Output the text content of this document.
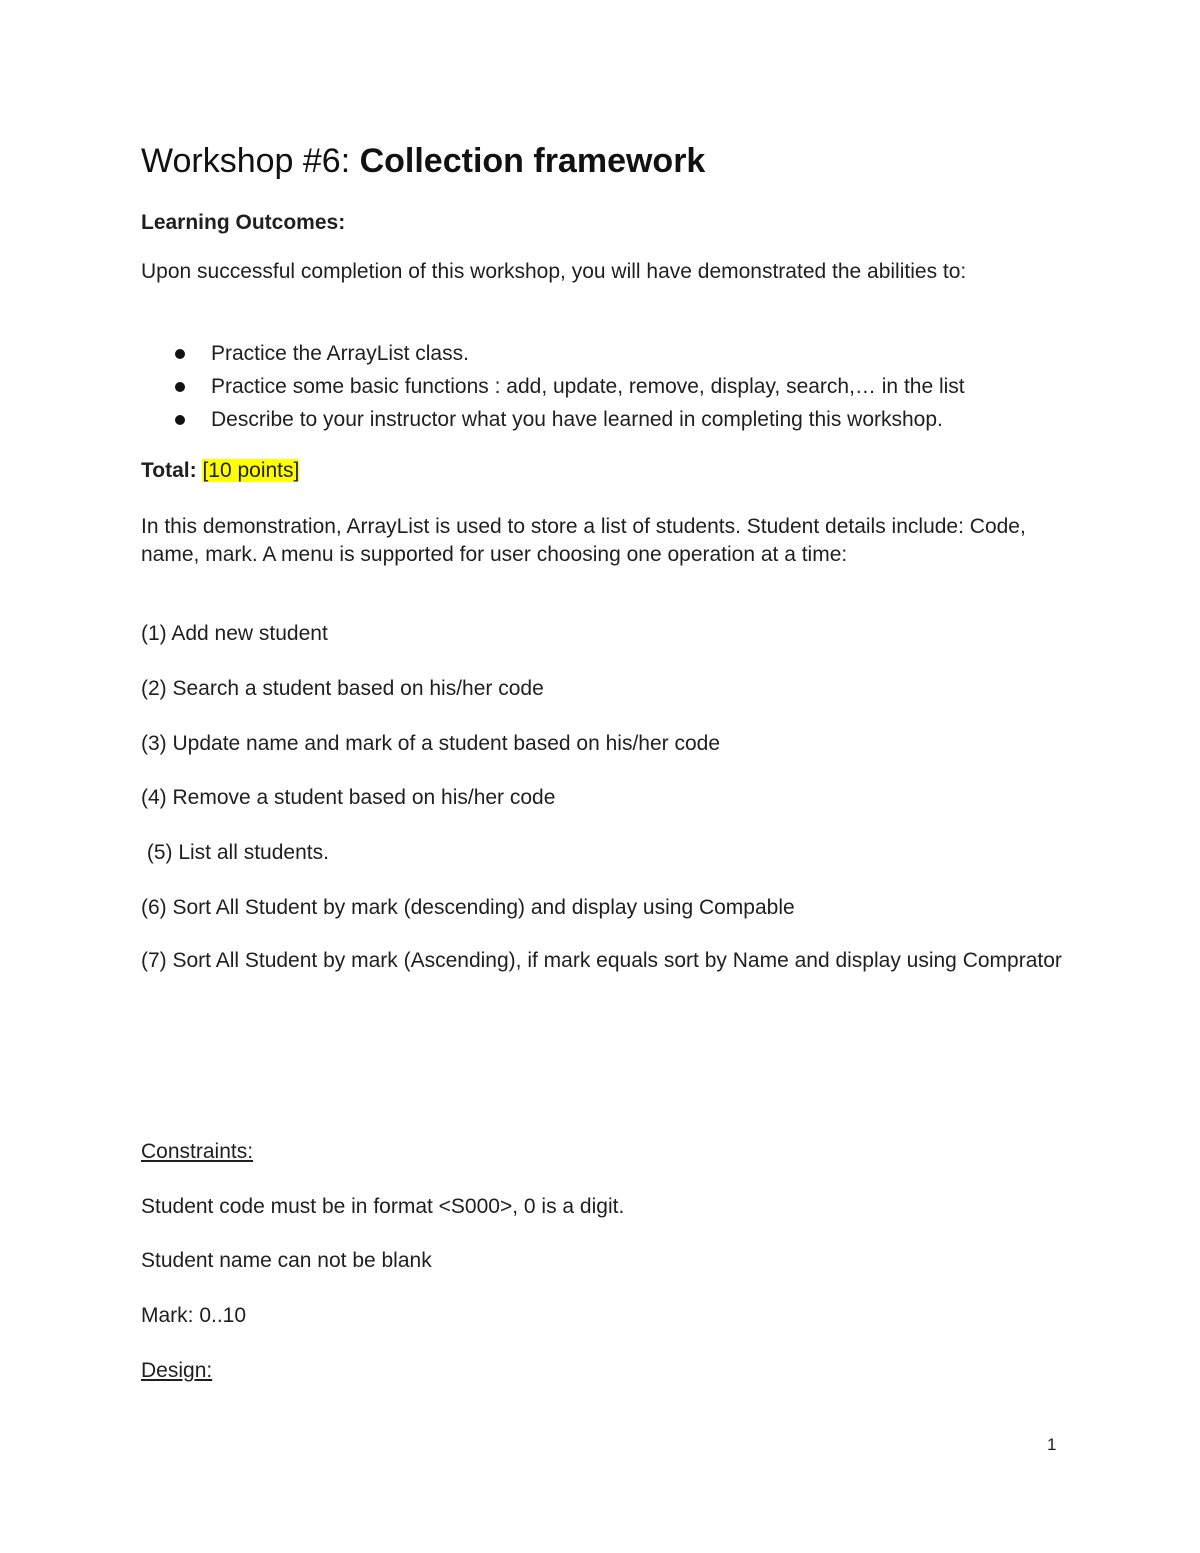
Workshop #6: Collection framework
Learning Outcomes:
Upon successful completion of this workshop, you will have demonstrated the abilities to:
Practice the ArrayList class.
Practice some basic functions : add, update, remove, display, search,… in the list
Describe to your instructor what you have learned in completing this workshop.
Total: [10 points]
In this demonstration, ArrayList is used to store a list of students. Student details include: Code, name, mark. A menu is supported for user choosing one operation at a time:
(1) Add new student
(2) Search a student based on his/her code
(3) Update name and mark of a student based on his/her code
(4) Remove a student based on his/her code
(5) List all students.
(6) Sort All Student by mark (descending) and display using Compable
(7) Sort All Student by mark (Ascending), if mark equals sort by Name and display using Comprator
Constraints:
Student code must be in format <S000>, 0 is a digit.
Student name can not be blank
Mark: 0..10
Design:
1
